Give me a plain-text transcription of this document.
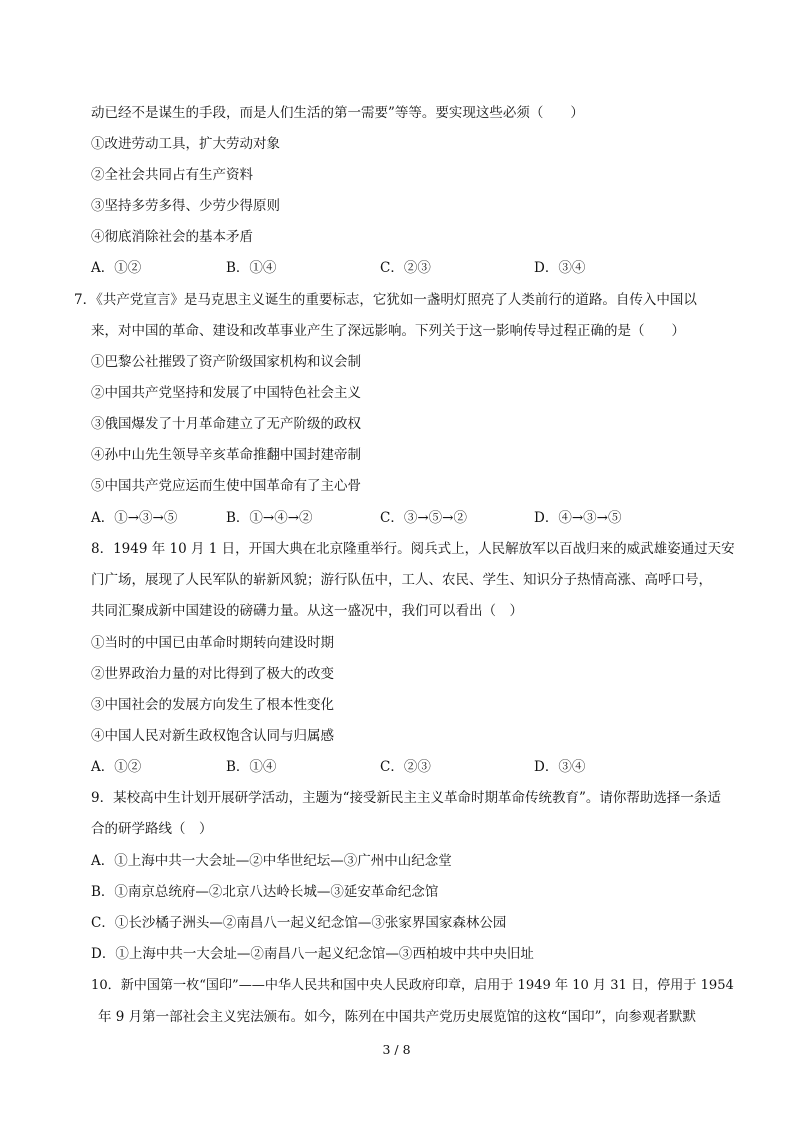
动已经不是谋生的手段，而是人们生活的第一需要”等等。要实现这些必须（　　）
①改进劳动工具，扩大劳动对象
②全社会共同占有生产资料
③坚持多劳多得、少劳少得原则
④彻底消除社会的基本矛盾
A．①②	B．①④	C．②③	D．③④
7．《共产党宣言》是马克思主义诞生的重要标志，它犹如一盏明灯照亮了人类前行的道路。自传入中国以
来，对中国的革命、建设和改革事业产生了深远影响。下列关于这一影响传导过程正确的是（　　）
①巴黎公社摧毁了资产阶级国家机构和议会制
②中国共产党坚持和发展了中国特色社会主义
③俄国爆发了十月革命建立了无产阶级的政权
④孙中山先生领导辛亥革命推翻中国封建帝制
⑤中国共产党应运而生使中国革命有了主心骨
A．①→③→⑤	B．①→④→②	C．③→⑤→②	D．④→③→⑤
8．1949 年 10 月 1 日，开国大典在北京隆重举行。阅兵式上，人民解放军以百战归来的威武雄姿通过天安
门广场，展现了人民军队的崭新风貌；游行队伍中，工人、农民、学生、知识分子热情高涨、高呼口号，
共同汇聚成新中国建设的磅礴力量。从这一盛况中，我们可以看出（　）
①当时的中国已由革命时期转向建设时期
②世界政治力量的对比得到了极大的改变
③中国社会的发展方向发生了根本性变化
④中国人民对新生政权饱含认同与归属感
A．①②	B．①④	C．②③	D．③④
9．某校高中生计划开展研学活动，主题为“接受新民主主义革命时期革命传统教育”。请你帮助选择一条适
合的研学路线（　）
A．①上海中共一大会址—②中华世纪坛—③广州中山纪念堂
B．①南京总统府—②北京八达岭长城—③延安革命纪念馆
C．①长沙橘子洲头—②南昌八一起义纪念馆—③张家界国家森林公园
D．①上海中共一大会址—②南昌八一起义纪念馆—③西柏坡中共中央旧址
10．新中国第一枚“国印”——中华人民共和国中央人民政府印章，启用于 1949 年 10 月 31 日，停用于 1954
年 9 月第一部社会主义宪法颁布。如今，陈列在中国共产党历史展览馆的这枚“国印”，向参观者默默
3 / 8
